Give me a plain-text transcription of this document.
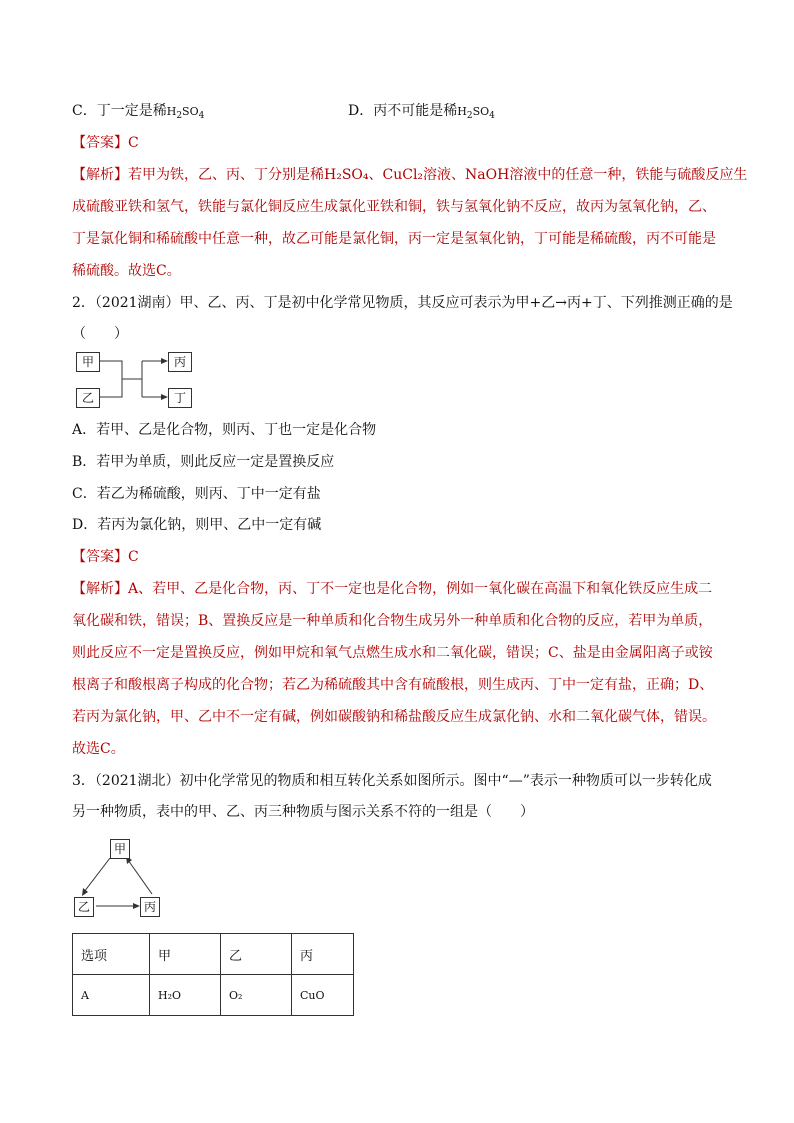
C．丁一定是稀$H_2SO_4$	D．丙不可能是稀$H_2SO_4$
【答案】C
【解析】若甲为铁，乙、丙、丁分别是稀H₂SO₄、CuCl₂溶液、NaOH溶液中的任意一种，铁能与硫酸反应生
成硫酸亚铁和氢气，铁能与氯化铜反应生成氯化亚铁和铜，铁与氢氧化钠不反应，故丙为氢氧化钠，乙、
丁是氯化铜和稀硫酸中任意一种，故乙可能是氯化铜，丙一定是氢氧化钠，丁可能是稀硫酸，丙不可能是
稀硫酸。故选C。
2．（2021湖南）甲、乙、丙、丁是初中化学常见物质，其反应可表示为甲+乙→丙+丁、下列推测正确的是
（　　）
甲
乙
丙
丁
A．若甲、乙是化合物，则丙、丁也一定是化合物
B．若甲为单质，则此反应一定是置换反应
C．若乙为稀硫酸，则丙、丁中一定有盐
D．若丙为氯化钠，则甲、乙中一定有碱
【答案】C
【解析】A、若甲、乙是化合物，丙、丁不一定也是化合物，例如一氧化碳在高温下和氧化铁反应生成二
氧化碳和铁，错误；B、置换反应是一种单质和化合物生成另外一种单质和化合物的反应，若甲为单质，
则此反应不一定是置换反应，例如甲烷和氧气点燃生成水和二氧化碳，错误；C、盐是由金属阳离子或铵
根离子和酸根离子构成的化合物；若乙为稀硫酸其中含有硫酸根，则生成丙、丁中一定有盐，正确；D、
若丙为氯化钠，甲、乙中不一定有碱，例如碳酸钠和稀盐酸反应生成氯化钠、水和二氧化碳气体，错误。
故选C。
3．（2021湖北）初中化学常见的物质和相互转化关系如图所示。图中“—”表示一种物质可以一步转化成
另一种物质，表中的甲、乙、丙三种物质与图示关系不符的一组是（　　）
甲
乙	丙
选项	甲	乙	丙
A	H₂O	O₂	CuO
